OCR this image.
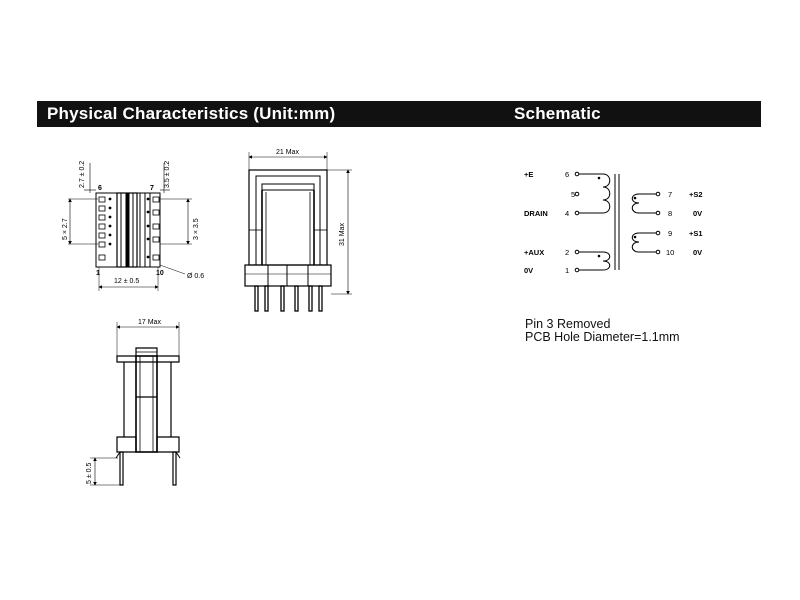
Physical Characteristics (Unit:mm)	Schematic
6	7
1	10
2.7 ± 0.2	3.5 ± 0.2
5 × 2.7	3 × 3.5
12 ± 0.5
Ø 0.6
21 Max
31 Max
17 Max
5 ± 0.5
+E
DRAIN
+AUX
0V
6
5
4
2
1
7
8
9
10
+S2
0V
+S1
0V
Pin 3 Removed
PCB Hole Diameter=1.1mm
